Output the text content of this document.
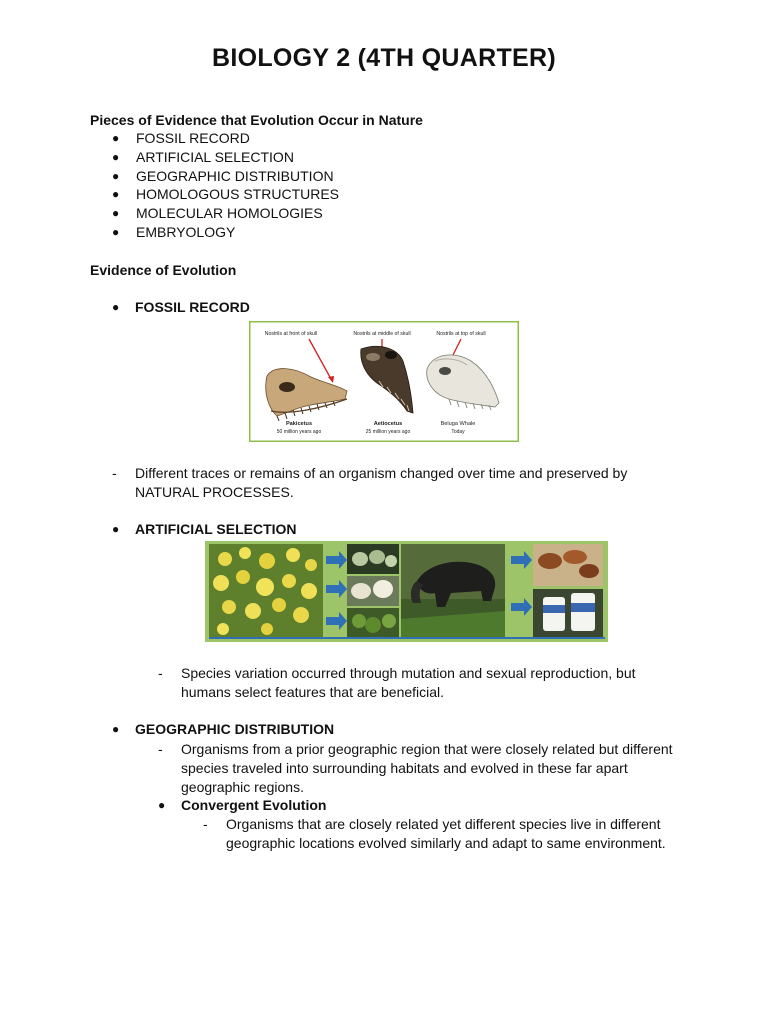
BIOLOGY 2 (4TH QUARTER)
Pieces of Evidence that Evolution Occur in Nature
● FOSSIL RECORD
● ARTIFICIAL SELECTION
● GEOGRAPHIC DISTRIBUTION
● HOMOLOGOUS STRUCTURES
● MOLECULAR HOMOLOGIES
● EMBRYOLOGY
Evidence of Evolution
● FOSSIL RECORD
Nostrils at front of skull	Nostrils at middle of skull	Nostrils at top of skull
Pakicetus
50 million years ago
Aetiocetus
25 million years ago
Beluga Whale
Today
- Different traces or remains of an organism changed over time and preserved by
NATURAL PROCESSES.
● ARTIFICIAL SELECTION
- Species variation occurred through mutation and sexual reproduction, but
humans select features that are beneficial.
● GEOGRAPHIC DISTRIBUTION
- Organisms from a prior geographic region that were closely related but different
species traveled into surrounding habitats and evolved in these far apart
geographic regions.
● Convergent Evolution
- Organisms that are closely related yet different species live in different
geographic locations evolved similarly and adapt to same environment.
